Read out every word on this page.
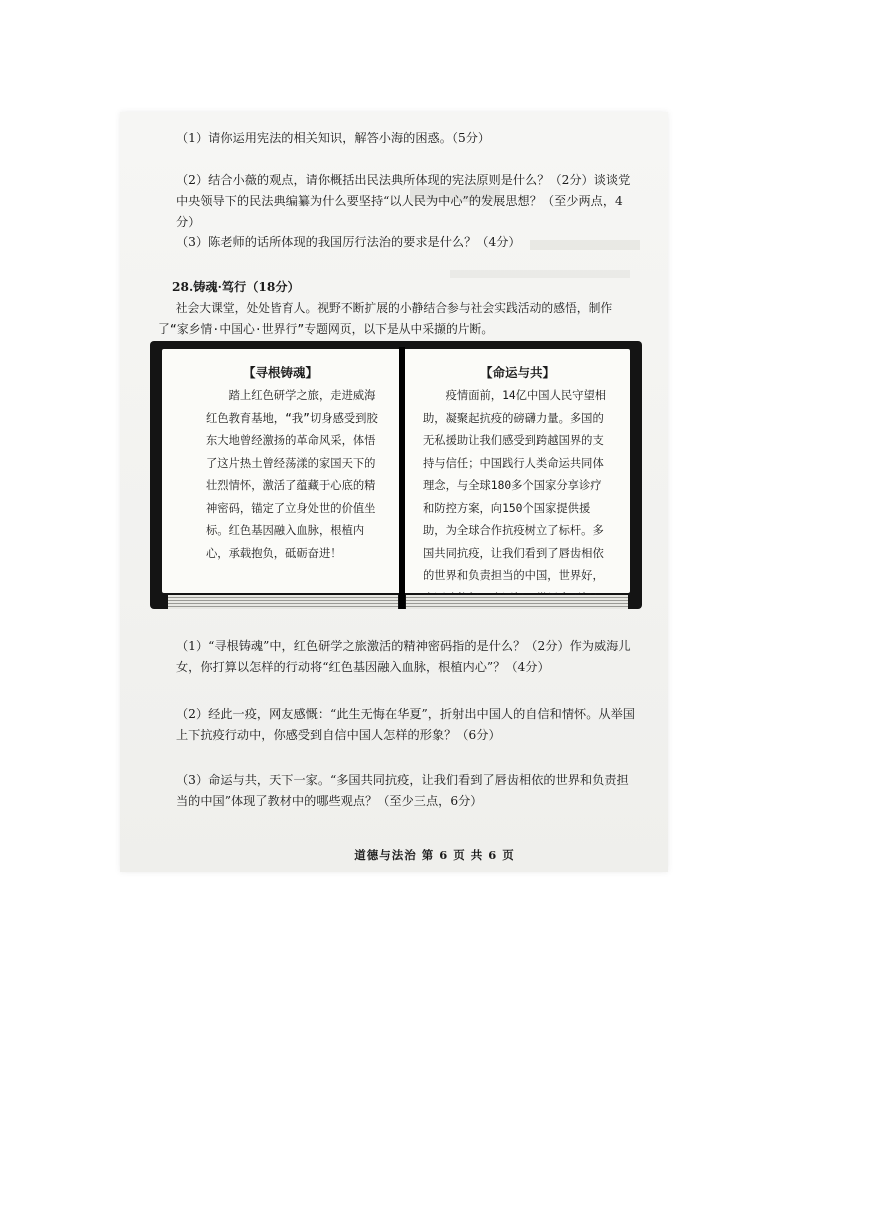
（1）请你运用宪法的相关知识，解答小海的困惑。（5分）
（2）结合小薇的观点，请你概括出民法典所体现的宪法原则是什么？（2分）谈谈党中央领导下的民法典编纂为什么要坚持“以人民为中心”的发展思想？（至少两点，4分）
（3）陈老师的话所体现的我国厉行法治的要求是什么？（4分）
28.铸魂·笃行（18分）
社会大课堂，处处皆育人。视野不断扩展的小静结合参与社会实践活动的感悟，制作了“家乡情·中国心·世界行”专题网页，以下是从中采撷的片断。
【寻根铸魂】
踏上红色研学之旅，走进威海红色教育基地，“我”切身感受到胶东大地曾经激扬的革命风采，体悟了这片热土曾经荡漾的家国天下的壮烈情怀，激活了蕴藏于心底的精神密码，锚定了立身处世的价值坐标。红色基因融入血脉，根植内心，承载抱负，砥砺奋进！
【命运与共】
疫情面前，14亿中国人民守望相助，凝聚起抗疫的磅礴力量。多国的无私援助让我们感受到跨越国界的支持与信任；中国践行人类命运共同体理念，与全球180多个国家分享诊疗和防控方案，向150个国家提供援助，为全球合作抗疫树立了标杆。多国共同抗疫，让我们看到了唇齿相依的世界和负责担当的中国，世界好，
（1）“寻根铸魂”中，红色研学之旅激活的精神密码指的是什么？（2分）作为威海儿女，你打算以怎样的行动将“红色基因融入血脉，根植内心”？（4分）
（2）经此一疫，网友感慨：“此生无悔在华夏”，折射出中国人的自信和情怀。从举国上下抗疫行动中，你感受到自信中国人怎样的形象？（6分）
（3）命运与共，天下一家。“多国共同抗疫，让我们看到了唇齿相依的世界和负责担当的中国”体现了教材中的哪些观点？（至少三点，6分）
道德与法治 第 6 页 共 6 页
